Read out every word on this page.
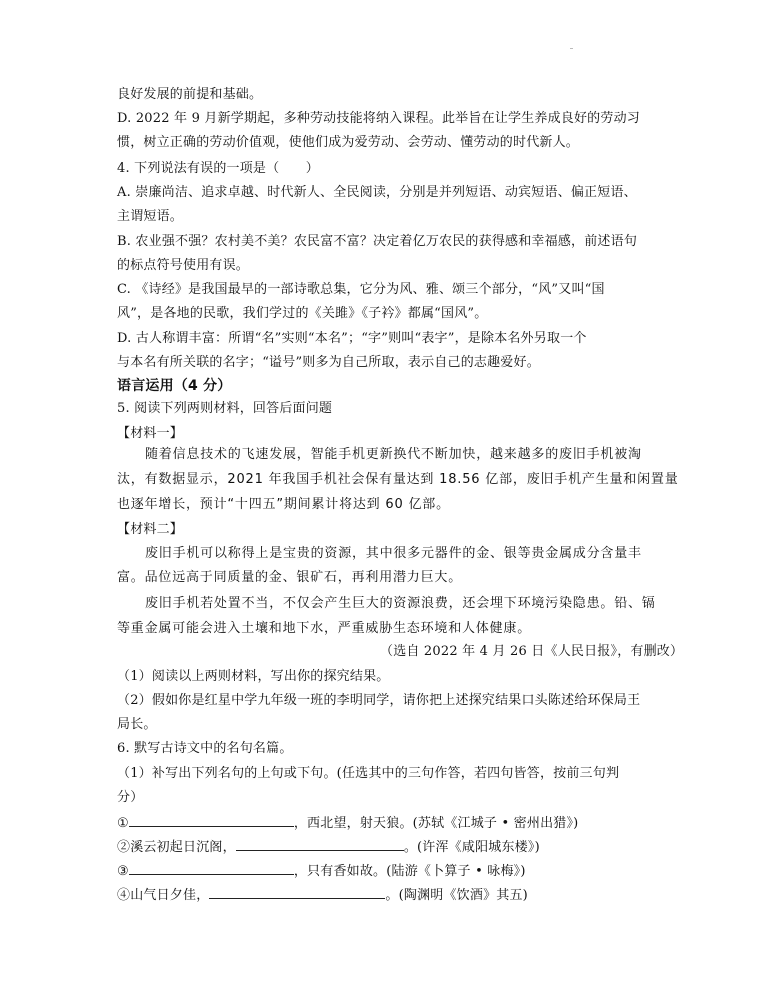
良好发展的前提和基础。
D. 2022 年 9 月新学期起，多种劳动技能将纳入课程。此举旨在让学生养成良好的劳动习
惯，树立正确的劳动价值观，使他们成为爱劳动、会劳动、懂劳动的时代新人。
4. 下列说法有误的一项是（　　）
A. 崇廉尚洁、追求卓越、时代新人、全民阅读，分别是并列短语、动宾短语、偏正短语、
主谓短语。
B. 农业强不强？农村美不美？农民富不富？决定着亿万农民的获得感和幸福感，前述语句
的标点符号使用有误。
C. 《诗经》是我国最早的一部诗歌总集，它分为风、雅、颂三个部分，“风”又叫“国
风”，是各地的民歌，我们学过的《关雎》《子衿》都属“国风”。
D. 古人称谓丰富：所谓“名”实则“本名”；“字”则叫“表字”，是除本名外另取一个
与本名有所关联的名字；“谥号”则多为自己所取，表示自己的志趣爱好。
语言运用（4 分）
5. 阅读下列两则材料，回答后面问题
【材料一】
随着信息技术的飞速发展，智能手机更新换代不断加快，越来越多的废旧手机被淘
汰，有数据显示，2021 年我国手机社会保有量达到 18.56 亿部，废旧手机产生量和闲置量
也逐年增长，预计“十四五”期间累计将达到 60 亿部。
【材料二】
废旧手机可以称得上是宝贵的资源，其中很多元器件的金、银等贵金属成分含量丰
富。品位远高于同质量的金、银矿石，再利用潜力巨大。
废旧手机若处置不当，不仅会产生巨大的资源浪费，还会埋下环境污染隐患。铅、镉
等重金属可能会进入土壤和地下水，严重威胁生态环境和人体健康。
（选自 2022 年 4 月 26 日《人民日报》，有删改）
（1）阅读以上两则材料，写出你的探究结果。
（2）假如你是红星中学九年级一班的李明同学，请你把上述探究结果口头陈述给环保局王
局长。
6. 默写古诗文中的名句名篇。
（1）补写出下列名句的上句或下句。(任选其中的三句作答，若四句皆答，按前三句判
分）
①	，西北望，射天狼。(苏轼《江城子 • 密州出猎》)
②溪云初起日沉阁，	。(许浑《咸阳城东楼》)
③	，只有香如故。(陆游《卜算子 • 咏梅》)
④山气日夕佳，	。(陶渊明《饮酒》其五)
